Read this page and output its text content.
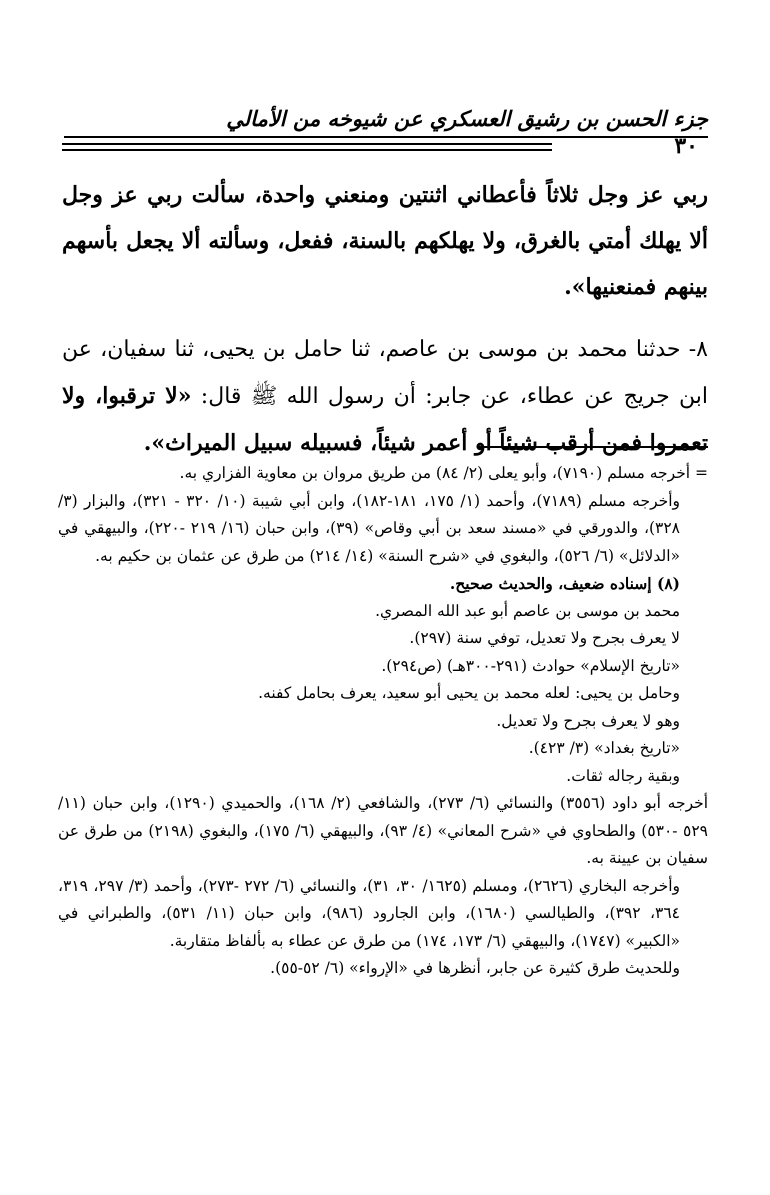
جزء الحسن بن رشيق العسكري عن شيوخه من الأمالي
٣٠

ربي عز وجل ثلاثاً فأعطاني اثنتين ومنعني واحدة، سألت ربي عز وجل ألا يهلك أمتي بالغرق، ولا يهلكهم بالسنة، ففعل، وسألته ألا يجعل بأسهم بينهم فمنعنيها».

٨- حدثنا محمد بن موسى بن عاصم، ثنا حامل بن يحيى، ثنا سفيان، عن ابن جريج عن عطاء، عن جابر: أن رسول الله ﷺ قال: «لا ترقبوا، ولا تعمروا فمن أرقب شيئاً أو أعمر شيئاً، فسبيله سبيل الميراث».

= أخرجه مسلم (٧١٩٠)، وأبو يعلى (٢/ ٨٤) من طريق مروان بن معاوية الفزاري به.

وأخرجه مسلم (٧١٨٩)، وأحمد (١/ ١٧٥، ١٨١-١٨٢)، وابن أبي شيبة (١٠/ ٣٢٠ - ٣٢١)، والبزار (٣/ ٣٢٨)، والدورقي في «مسند سعد بن أبي وقاص» (٣٩)، وابن حبان (١٦/ ٢١٩ -٢٢٠)، والبيهقي في «الدلائل» (٦/ ٥٢٦)، والبغوي في «شرح السنة» (١٤/ ٢١٤) من طرق عن عثمان بن حكيم به.

(٨) إسناده ضعيف، والحديث صحيح.

محمد بن موسى بن عاصم أبو عبد الله المصري.

لا يعرف بجرح ولا تعديل، توفي سنة (٢٩٧).

«تاريخ الإسلام» حوادث (٢٩١-٣٠٠هـ) (ص٢٩٤).

وحامل بن يحيى: لعله محمد بن يحيى أبو سعيد، يعرف بحامل كفنه.

وهو لا يعرف بجرح ولا تعديل.

«تاريخ بغداد» (٣/ ٤٢٣).

وبقية رجاله ثقات.

أخرجه أبو داود (٣٥٥٦) والنسائي (٦/ ٢٧٣)، والشافعي (٢/ ١٦٨)، والحميدي (١٢٩٠)، وابن حبان (١١/ ٥٢٩ -٥٣٠) والطحاوي في «شرح المعاني» (٤/ ٩٣)، والبيهقي (٦/ ١٧٥)، والبغوي (٢١٩٨) من طرق عن سفيان بن عيينة به.

وأخرجه البخاري (٢٦٢٦)، ومسلم (١٦٢٥/ ٣٠، ٣١)، والنسائي (٦/ ٢٧٢ -٢٧٣)، وأحمد (٣/ ٢٩٧، ٣١٩، ٣٦٤، ٣٩٢)، والطيالسي (١٦٨٠)، وابن الجارود (٩٨٦)، وابن حبان (١١/ ٥٣١)، والطبراني في «الكبير» (١٧٤٧)، والبيهقي (٦/ ١٧٣، ١٧٤) من طرق عن عطاء به بألفاظ متقاربة.

وللحديث طرق كثيرة عن جابر، أنظرها في «الإرواء» (٦/ ٥٢-٥٥).
